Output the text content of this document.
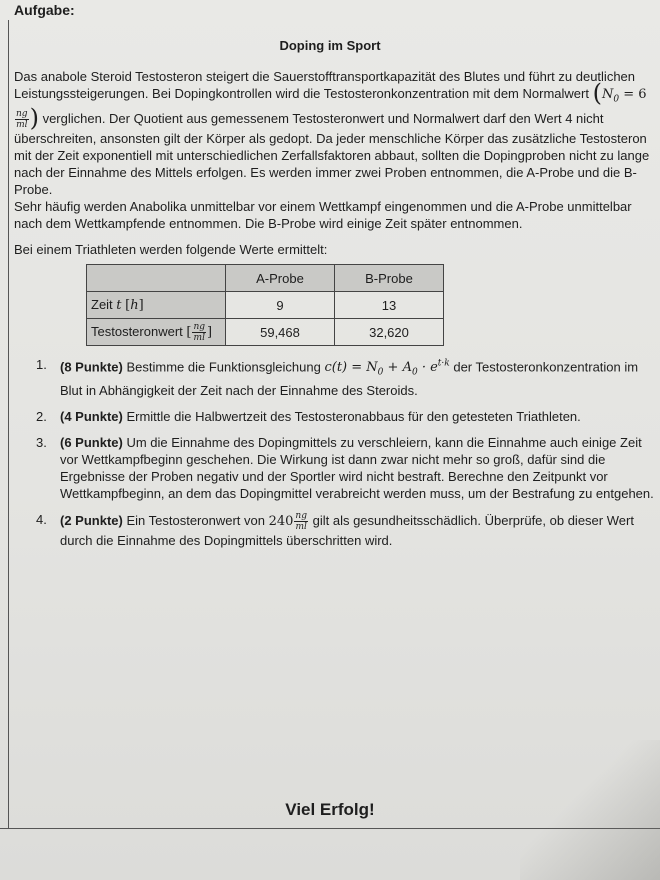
Aufgabe:
Doping im Sport

Das anabole Steroid Testosteron steigert die Sauerstofftransportkapazität des Blutes und führt zu deutlichen Leistungssteigerungen. Bei Dopingkontrollen wird die Testosteronkonzentration mit dem Normalwert ($N_0 = 6$
$\frac{ng}{ml}$ ) verglichen. Der Quotient aus gemessenem Testosteronwert und Normalwert darf den Wert 4 nicht überschreiten, ansonsten gilt der Körper als gedopt. Da jeder menschliche Körper das zusätzliche Testosteron mit der Zeit exponentiell mit unterschiedlichen Zerfallsfaktoren abbaut, sollten die Dopingproben nicht zu lange nach der Einnahme des Mittels erfolgen. Es werden immer zwei Proben entnommen, die A-Probe und die B-Probe.

Sehr häufig werden Anabolika unmittelbar vor einem Wettkampf eingenommen und die A-Probe unmittelbar nach dem Wettkampfende entnommen. Die B-Probe wird einige Zeit später entnommen.

Bei einem Triathleten werden folgende Werte ermittelt:
	A-Probe	B-Probe
Zeit t [h]	9	13
Testosteronwert [ $\frac{ng}{ml}$ ]	59,468	32,620
1. (8 Punkte) Bestimme die Funktionsgleichung $c(t) = N_0 + A_0 \cdot e^{t\cdot k}$ der Testosteronkonzentration im Blut in Abhängigkeit der Zeit nach der Einnahme des Steroids.
2. (4 Punkte) Ermittle die Halbwertzeit des Testosteronabbaus für den getesteten Triathleten.
3. (6 Punkte) Um die Einnahme des Dopingmittels zu verschleiern, kann die Einnahme auch einige Zeit vor Wettkampfbeginn geschehen. Die Wirkung ist dann zwar nicht mehr so groß, dafür sind die Ergebnisse der Proben negativ und der Sportler wird nicht bestraft. Berechne den Zeitpunkt vor Wettkampfbeginn, an dem das Dopingmittel verabreicht werden muss, um der Bestrafung zu entgehen.
4. (2 Punkte) Ein Testosteronwert von $240 \frac{ng}{ml}$ gilt als gesundheitsschädlich. Überprüfe, ob dieser Wert durch die Einnahme des Dopingmittels überschritten wird.
Viel Erfolg!
